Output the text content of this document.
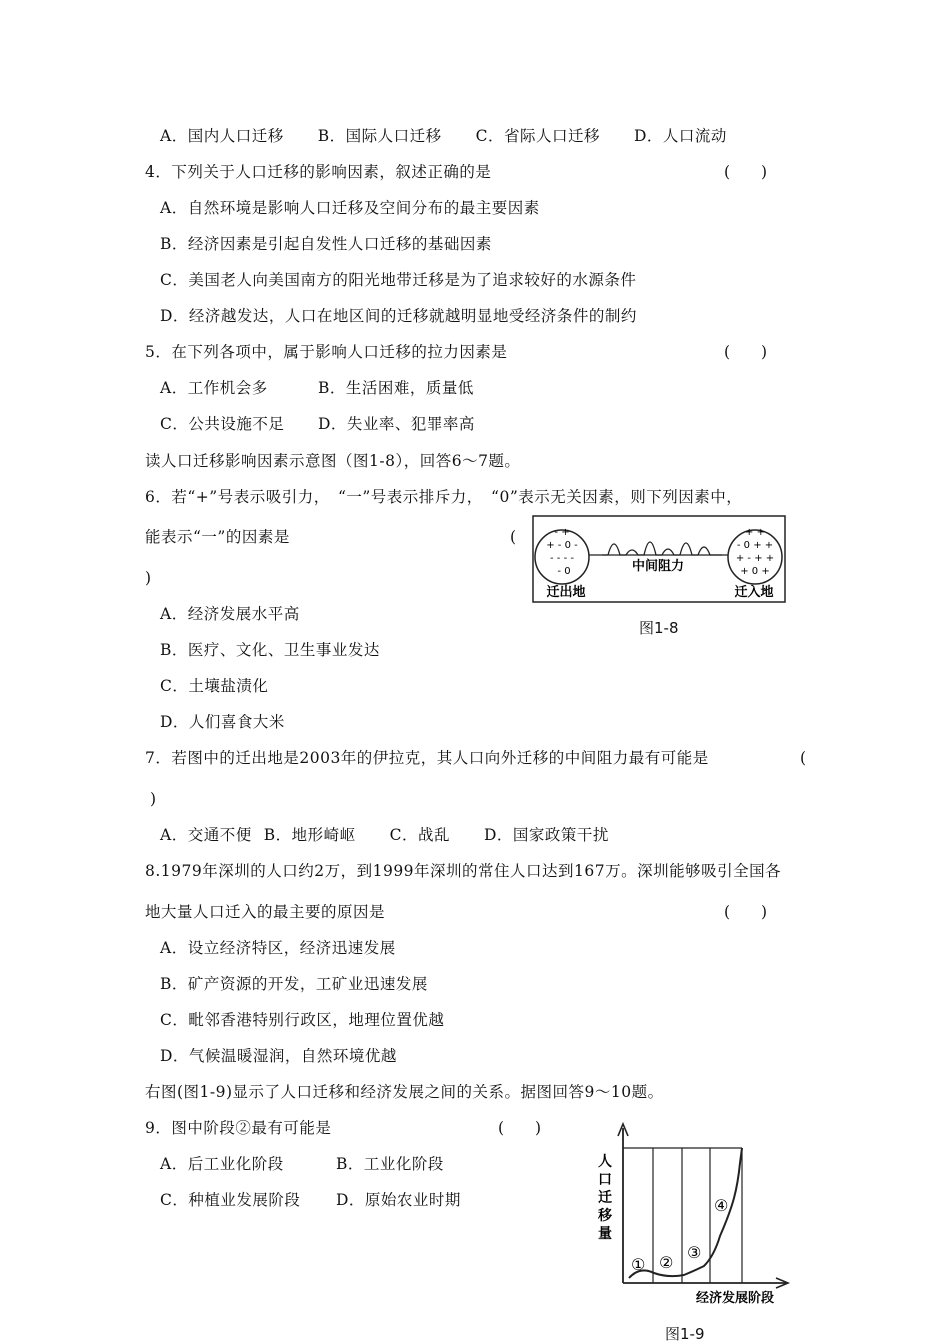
A．国内人口迁移 B．国际人口迁移 C．省际人口迁移 D．人口流动
4．下列关于人口迁移的影响因素，叙述正确的是	(　　)
A．自然环境是影响人口迁移及空间分布的最主要因素
B．经济因素是引起自发性人口迁移的基础因素
C．美国老人向美国南方的阳光地带迁移是为了追求较好的水源条件
D．经济越发达，人口在地区间的迁移就越明显地受经济条件的制约
5．在下列各项中，属于影响人口迁移的拉力因素是	(　　)
A．工作机会多	B．生活困难，质量低
C．公共设施不足 D．失业率、犯罪率高
读人口迁移影响因素示意图（图1-8），回答6～7题。
6．若“+”号表示吸引力，　“一”号表示排斥力，　“0”表示无关因素，则下列因素中，
能表示“一”的因素是	(
)
A．经济发展水平高
B．医疗、文化、卫生事业发达
C．土壤盐渍化
D．人们喜食大米
- +
+ - 0 -
- - - -
- 0
+ +
- 0 + +
+ - + +
+ 0 +
中间阻力
迁出地	迁入地
图1-8
7．若图中的迁出地是2003年的伊拉克，其人口向外迁移的中间阻力最有可能是	(
)
A．交通不便 B．地形崎岖 C．战乱 D．国家政策干扰
8.1979年深圳的人口约2万，到1999年深圳的常住人口达到167万。深圳能够吸引全国各
地大量人口迁入的最主要的原因是	(　　)
A．设立经济特区，经济迅速发展
B．矿产资源的开发，工矿业迅速发展
C．毗邻香港特别行政区，地理位置优越
D．气候温暖湿润，自然环境优越
右图(图1-9)显示了人口迁移和经济发展之间的关系。据图回答9～10题。
9．图中阶段②最有可能是	(　　)
A．后工业化阶段	B．工业化阶段
C．种植业发展阶段 D．原始农业时期
人
口
迁
移
量
① ②
③
④
经济发展阶段
图1-9
